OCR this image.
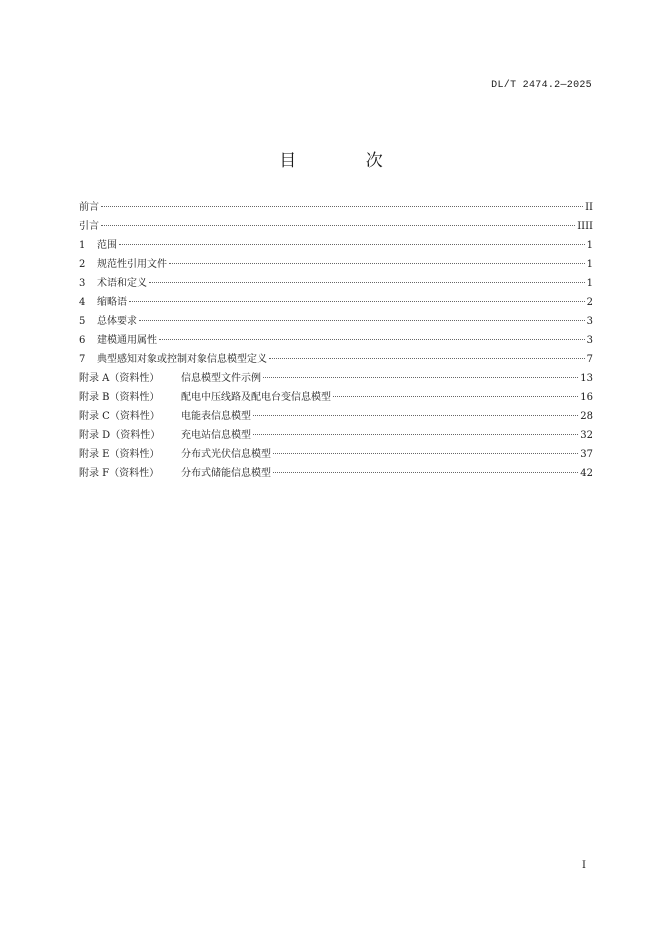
DL/T 2474.2—2025
目 次
前言	II
引言	IIII
1	范围	1
2	规范性引用文件	1
3	术语和定义	1
4	缩略语	2
5	总体要求	3
6	建模通用属性	3
7	典型感知对象或控制对象信息模型定义	7
附录 A（资料性）	信息模型文件示例	13
附录 B（资料性）	配电中压线路及配电台变信息模型	16
附录 C（资料性）	电能表信息模型	28
附录 D（资料性）	充电站信息模型	32
附录 E（资料性）	分布式光伏信息模型	37
附录 F（资料性）	分布式储能信息模型	42
I
